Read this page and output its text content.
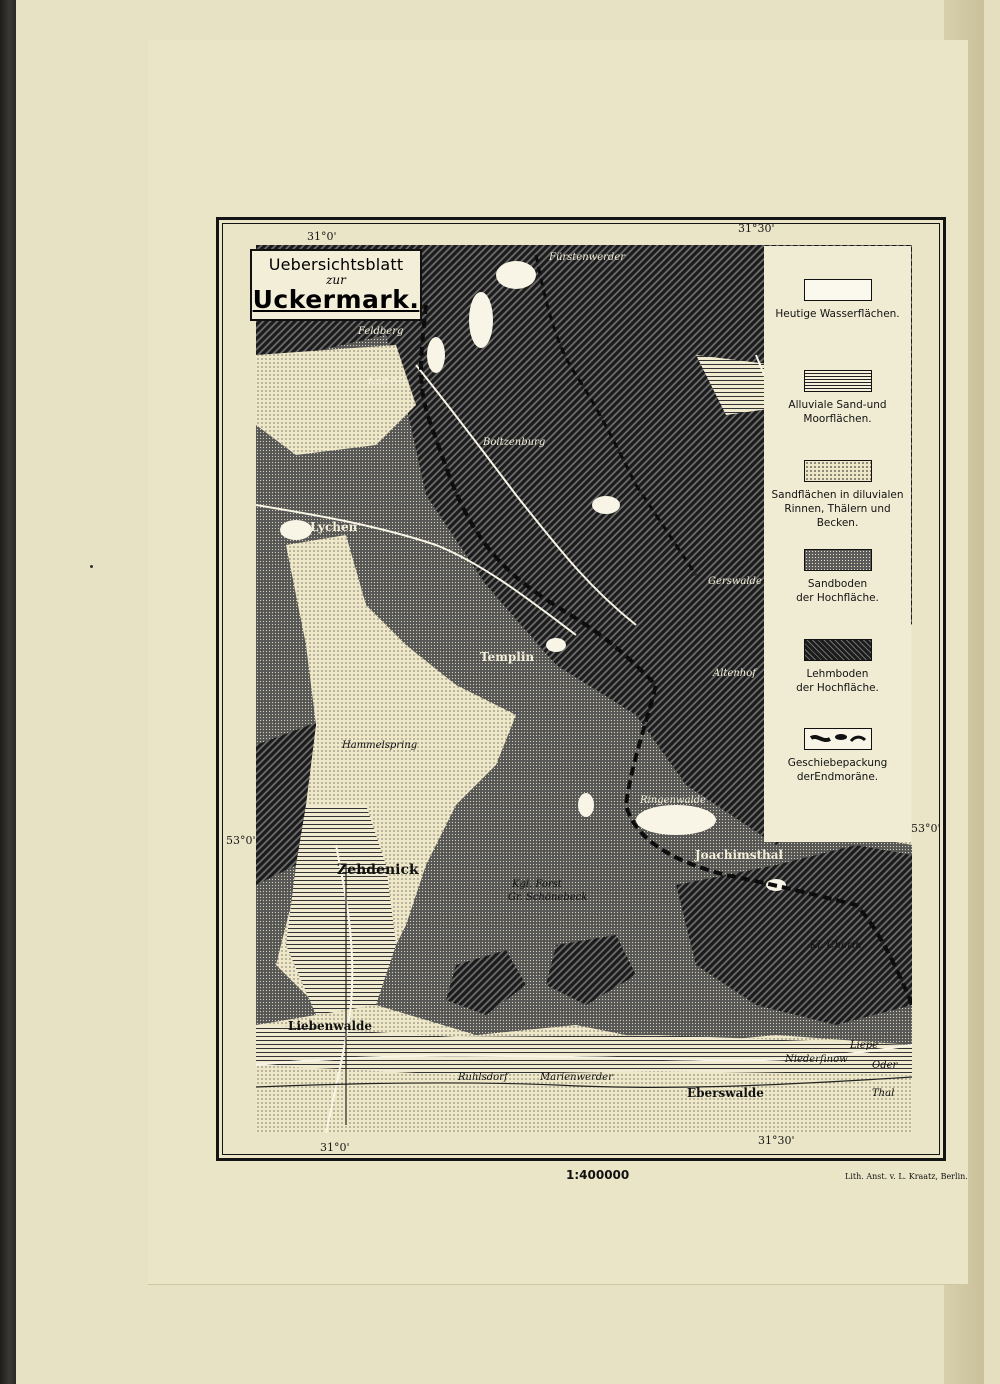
Uebersichtsblatt
zur
Uckermark.	Heutige Wasserflächen.
Alluviale Sand-und
Moorflächen.
Sandflächen in diluvialen
Rinnen, Thälern und
Becken.
Sandboden
der Hochfläche.
Lehmboden
der Hochfläche.
Geschiebepackung
derEndmoräne.
31°0'
31°30'
31°0'
31°30'
53°0'
53°0'
Feldberg
Lychen
Templin
Zehdenick
Liebenwalde
Eberswalde
Joachimsthal
Fürstenwerder
Boitzenburg
Altenhof
Gerswalde
Kgl. Forst
Gr. Schönebeck
Ruhlsdorf	Marienwerder
Kl. Chorin
Oder
Thal
Karwitz
Hammelspring
Ringenwalde
Liepe
Niederfinow
1:400000	Lith. Anst. v. L. Kraatz, Berlin.
